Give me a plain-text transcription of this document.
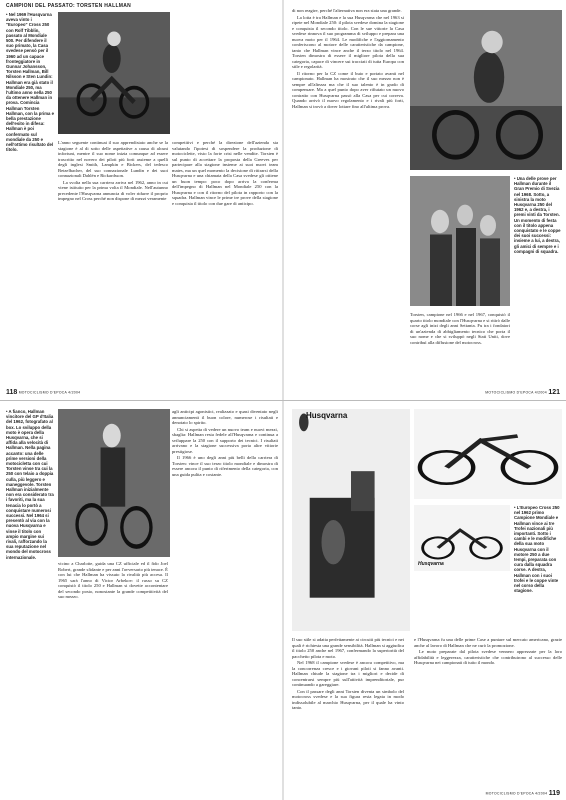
CAMPIONI DEL PASSATO: TORSTEN HALLMAN

• Nel 1969 l'Husqvarna aveva vinto i "Europeo" Cross 250 con Rolf Tibblin, passato al Mondiale 500. Per difendere il suo primato, la Casa svedese pensò per il 1960 ad un capace fronteggiatore in Gunnar Johansson, Torsten Hallman, Bill Nilsson e Sten Lundin: Hallman era già stato il Mondiale 250, ma l'ultimo anno nella 250 da ottenere Hallman in prova. Comincia Hallman Torsten Hallman, con la prima e bella prestazione dell'esito in difesa: Hallman è poi confermato sul mondiale da 250 e nell'ottimo risultato del titolo.

L'anno seguente continuai il suo apprendistato anche se la stagione è al di sotto delle aspettative a causa di alcuni infortuni, mentre il suo nome inizia comunque ad essere trascritto nel novero dei piloti più forti assieme a quelli degli inglesi Smith, Lampkin e Bickers, del tedesco Betzelbacher, del suo connazionale Lundin e dei suoi connazionali Dahlén e Rickardsson.

La svolta nella sua carriera arriva nel 1962, anno in cui viene istituito per la prima volta il Mondiale. Nell'autunno precedente l'Husqvarna annuncia di voler ridurre il proprio impegno nel Cross perché non dispone di mezzi veramente

competitivi e perché la direzione dell'azienda sta valutando l'ipotesi di sospendere la produzione di motociclette, visto la forte crisi nelle vendite. Torsten è sul punto di accettare la proposta della Greeves per partecipare alla stagione insieme ai suoi nuovi team mates, ma un quel momento la decisione di ritirarsi della Husqvarna e una chiamata della Casa svedese gli ottiene un buon tempo: poco dopo arriva la conferma dell'impegno di Hallman nel Mondiale 250 con la Husqvarna e con il ritorno del pilota in rapporto con la squadra. Hallman vince le prime tre prove della stagione e conquista il titolo con due gare di anticipo.

118 MOTOCICLISMO D'EPOCA 4/2004

di non reagire, perché l'alternativa non era stata una grande.

La lotta è tra Hallman e la sua Husqvarna che nel 1963 si ripete nel Mondiale 250: il pilota svedese domina la stagione e conquista il secondo titolo. Con le sue vittorie la Casa svedese rinnova il suo programma di sviluppo e prepara una nuova moto per il 1964. Le modifiche e l'aggiornamento conferiscono al motore delle caratteristiche da campione, tanto che Hallman vince anche il terzo titolo nel 1964. Torsten dimostra di essere il migliore pilota della sua categoria, capace di vincere sui tracciati di tutta Europa con stile e regolarità.

Il ritorno per la CZ come il buio e portato avanti nel campionato. Hallman ha mostrato che il suo mezzo non è sempre all'altezza ma che il suo talento è in grado di compensare. Ma a quel punto dopo aver rifiutato un nuovo contratto con Husqvarna passò alla Casa per cui correva. Quando arrivò il nuovo regolamento e i rivali più forti, Hallman si trovò a dover lottare fino all'ultima prova.

• Una delle prove per Hallman durante il Gran Premio di Svezia nel 1968. Sotto, a sinistra la moto Husqvarna 250 del 1962 e, a destra, i premi vinti da Torsten. Un momento di festa con il titolo appena conquistato e le coppe dei suoi successi: insieme a lui, a destra, gli amici di sempre e i compagni di squadra.

Torsten, campione nel 1966 e nel 1967, conquistò il quarto titolo mondiale con l'Husqvarna e si ritirò dalle corse agli inizi degli anni Settanta. Fu tra i fondatori di un'azienda di abbigliamento tecnico che porta il suo nome e che si sviluppò negli Stati Uniti, dove contribuì alla diffusione del motocross.

MOTOCICLISMO D'EPOCA 4/2004 121

• A fianco, Hallman vincitore del GP d'Italia del 1962, fotografato al box. Lo sviluppo della moto è opera della Husqvarna, che si affida alla velocità di Hallman. Nella pagina accanto: una delle prime versioni della motocicletta con cui Torsten vinse tra cui la 250 con telaio a doppia culla, più leggero e maneggevole. Torsten Hallman inizialmente non era considerato tra i favoriti, ma la sua tenacia lo portò a conquistare numerosi successi. Nel 1964 si presentò al via con la nuova Husqvarna e vinse il titolo con ampio margine sui rivali, rafforzando la sua reputazione nel mondo del motocross internazionale.

vicino a Charlotte, guida una CZ ufficiale ed il fido Joel Robert, grande sfidante e per anni l'avversario più tenace. È con lui che Hallman ha vissuto la rivalità più accesa. Il 1965 sarà l'anno di Victor Arbekov: il russo su CZ conquistò il titolo 250 e Hallman si dovette accontentare del secondo posto, nonostante la grande competitività del suo mezzo.

agli anticipi agonistici, realizzato e quasi diventato negli annunciamenti il buon colore, numerose i risultati e denotato lo spirito.

Chi si aspetta di vedere un nuovo team e nuovi mezzi, sbaglia: Hallman resta fedele all'Husqvarna e continua a sviluppare la 250 con il supporto dei tecnici. I risultati arrivano e la stagione successiva porta altre vittorie prestigiose.

Il 1966 è uno degli anni più belli della carriera di Torsten: vince il suo terzo titolo mondiale e dimostra di essere ancora il punto di riferimento della categoria, con una guida pulita e costante.

Il suo stile si adatta perfettamente ai circuiti più tecnici e nei quali è richiesta una grande sensibilità. Hallman si aggiudica il titolo 250 anche nel 1967, confermando la superiorità del pacchetto pilota e moto.

Nel 1968 il campione svedese è ancora competitivo, ma la concorrenza cresce e i giovani piloti si fanno avanti. Hallman chiude la stagione tra i migliori e decide di concentrarsi sempre più sull'attività imprenditoriale, pur continuando a gareggiare.

Con il passare degli anni Torsten diventa un simbolo del motocross svedese e la sua figura resta legata in modo indissolubile al marchio Husqvarna, per il quale ha vinto tanto.

Husqvarna
Husqvarna

• L'Europeo Cross 250 nel 1962 primo Campione Mondiale e Hallman vince ai tre Trofei nazionali più importanti. Sotto i cambi e le modifiche della sua moto Husqvarna con il motore 250 a due tempi, preparata con cura dalla squadra corse. A destra, Hallman con i suoi trofei e le coppe vinte nel corso della stagione.

e l'Husqvarna fu una delle prime Case a puntare sul mercato americano, grazie anche al lavoro di Hallman che ne curò la promozione.

Le moto preparate dal pilota svedese vennero apprezzate per la loro affidabilità e leggerezza, caratteristiche che contribuirono al successo delle Husqvarna nei campionati di tutto il mondo.

MOTOCICLISMO D'EPOCA 4/2004 119
